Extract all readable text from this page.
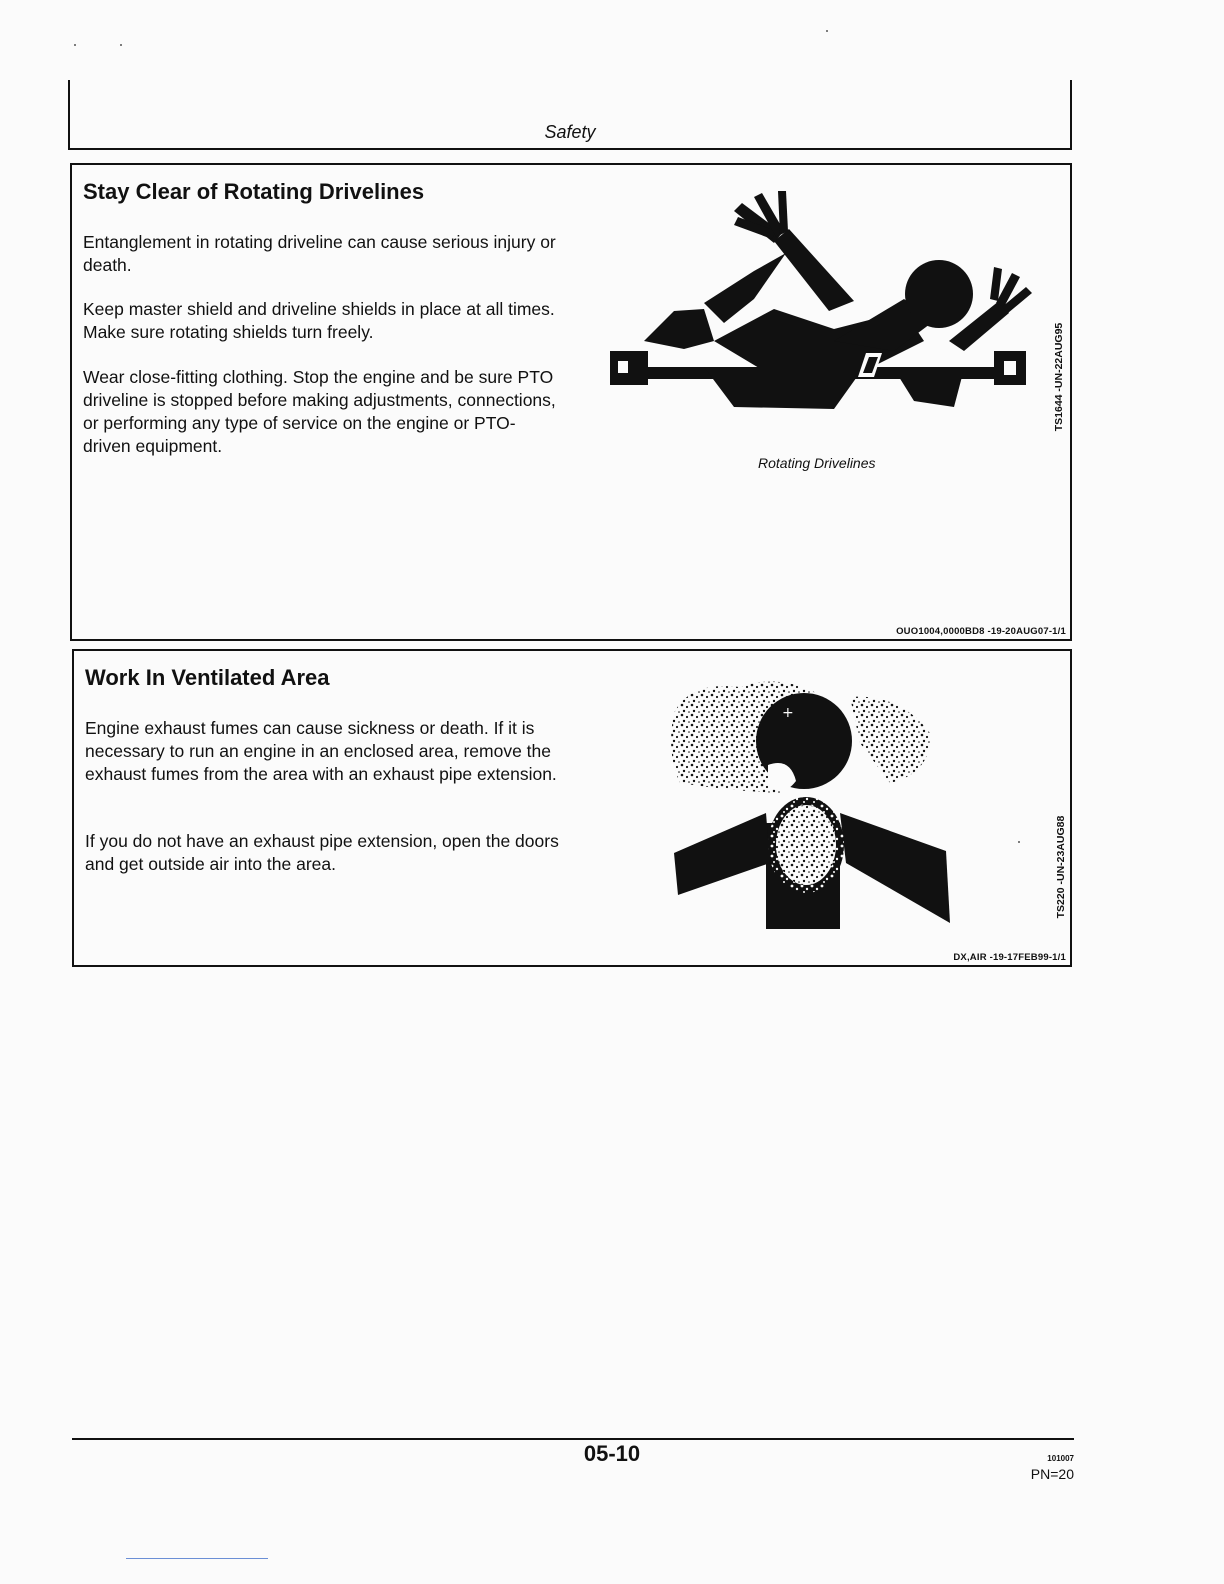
Safety
Stay Clear of Rotating Drivelines

Entanglement in rotating driveline can cause serious injury or death.

Keep master shield and driveline shields in place at all times. Make sure rotating shields turn freely.

Wear close-fitting clothing. Stop the engine and be sure PTO driveline is stopped before making adjustments, connections, or performing any type of service on the engine or PTO-driven equipment.

Rotating Drivelines
TS1644 -UN-22AUG95
OUO1004,0000BD8 -19-20AUG07-1/1
Work In Ventilated Area

Engine exhaust fumes can cause sickness or death. If it is necessary to run an engine in an enclosed area, remove the exhaust fumes from the area with an exhaust pipe extension.

If you do not have an exhaust pipe extension, open the doors and get outside air into the area.

+
TS220 -UN-23AUG88
DX,AIR -19-17FEB99-1/1
05-10	101007
PN=20
